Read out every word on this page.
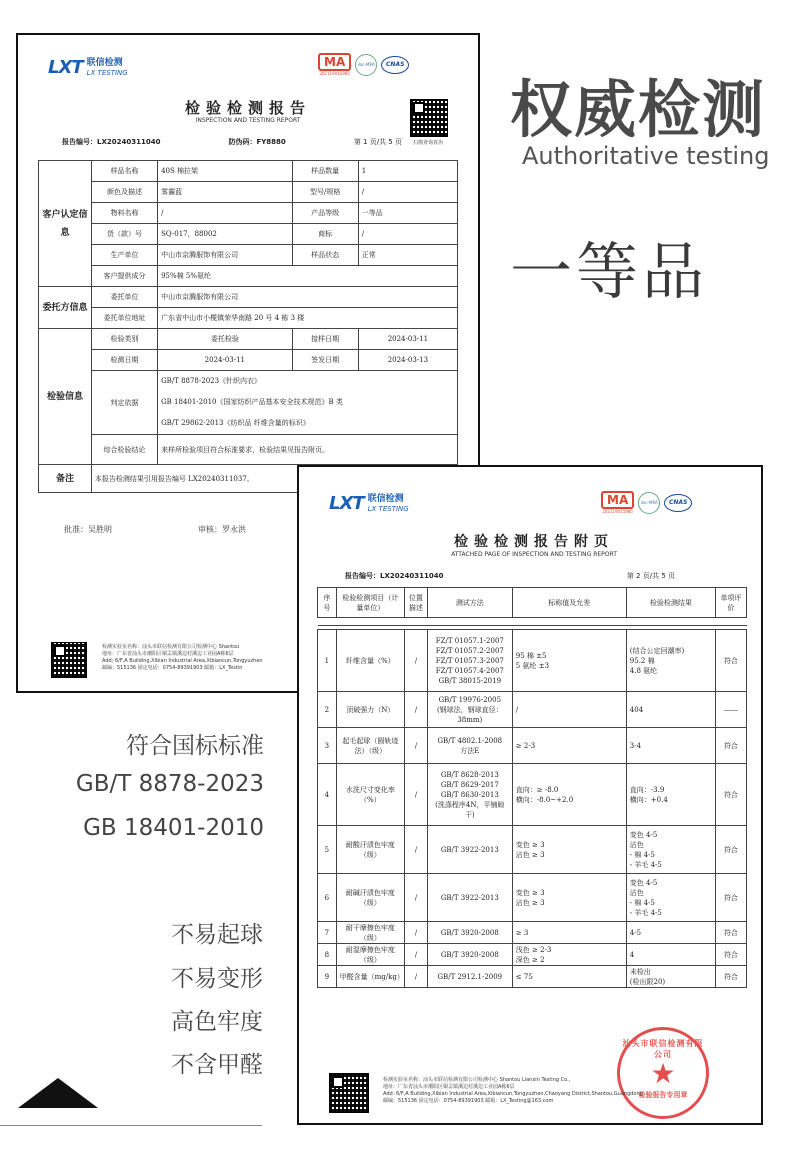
LXT 联信检测
LX TESTING
MA
202119015985
ilac-MRA	CNAS
检验检测报告
INSPECTION AND TESTING REPORT
扫描查询真伪
报告编号：LX20240311040	防伪码：FY8880	第 1 页/共 5 页
客户认定信息	样品名称	40S 棉拉架	样品数量	1
	颜色及描述	雾霾蓝	型号/规格	/
	物料名称	/	产品等级	一等品
	货（款）号	SQ-017，88002	商标	/
	生产单位	中山市京腾服饰有限公司	样品状态	正常
	客户提供成分	95%棉 5%氨纶		
委托方信息	委托单位	中山市京腾服饰有限公司		
	委托单位地址	广东省中山市小榄镇荣华南路 20 号 4 栋 3 楼		
检验信息	检验类别	委托检验	接样日期	2024-03-11
	检测日期	2024-03-11	签发日期	2024-03-13
	判定依据	GB/T 8878-2023《针织内衣》
GB 18401-2010《国家纺织产品基本安全技术规范》B 类
GB/T 29862-2013《纺织品 纤维含量的标识》		

	综合检验结论	来样所检验项目符合标准要求，检验结果见报告附页。		
备注	本报告检测结果引用报告编号 LX20240311037。			
批准：吴胜明	审核：罗永洪
检测实验室名称：汕头市联信检测有限公司检测中心 Shantou
地址：广东省汕头市潮阳区铜盂镇溪边村溪边工业园A栋6层
Add: 6/F,A Building,Xibian Industrial Area,Xibiancun,Tongyuzhen
邮编：515136 固定电话：0754-89391903 邮箱：LX_Testin
LXT 联信检测
LX TESTING
MA
202119015985
ilac-MRA	CNAS
检验检测报告附页
ATTACHED PAGE OF INSPECTION AND TESTING REPORT
报告编号：LX20240311040	第 2 页/共 5 页
序号	检验检测项目（计量单位）	位置描述	测试方法	标称值及允差	检验检测结果	单项评价

1	纤维含量（%）	/	FZ/T 01057.1-2007
FZ/T 01057.2-2007
FZ/T 01057.3-2007
FZ/T 01057.4-2007
GB/T 38015-2019	95 棉 ±5
5 氨纶 ±3	(结合公定回潮率)
95.2 棉
4.8 氨纶	符合
2	顶破强力（N）	/	GB/T 19976-2005
(钢球法，钢球直径：38mm)	/	404	——
3	起毛起球（圆轨迹法）（级）	/	GB/T 4802.1-2008
方法E	≥ 2-3	3-4	符合
4	水洗尺寸变化率（%）	/	GB/T 8628-2013
GB/T 8629-2017
GB/T 8630-2013
(洗涤程序4N，平铺晾干)	直向：≥ -8.0
横向：-8.0~+2.0	直向：-3.9
横向：+0.4	符合
5	耐酸汗渍色牢度（级）	/	GB/T 3922-2013	变色 ≥ 3
沾色 ≥ 3	变色 4-5
沾色
- 棉 4-5
- 羊毛 4-5	符合
6	耐碱汗渍色牢度（级）	/	GB/T 3922-2013	变色 ≥ 3
沾色 ≥ 3	变色 4-5
沾色
- 棉 4-5
- 羊毛 4-5	符合
7	耐干摩擦色牢度（级）	/	GB/T 3920-2008	≥ 3	4-5	符合
8	耐湿摩擦色牢度（级）	/	GB/T 3920-2008	浅色 ≥ 2-3
深色 ≥ 2	4	符合
9	甲醛含量（mg/kg）	/	GB/T 2912.1-2009	≤ 75	未检出
(检出限20)	符合
汕头市联信检测有限公司
★
检验报告专用章
检测实验室名称：汕头市联信检测有限公司检测中心 Shantou Lianxin Testing Co.,
地址：广东省汕头市潮阳区铜盂镇溪边村溪边工业园A栋6层
Add: 6/F,A Building,Xibian Industrial Area,Xibiancun,Tongyuzhen,Chaoyang District,Shantou,Guangdong
邮编：515136 固定电话：0754-89391903 邮箱：LX_Testing@163.com
权威检测
Authoritative testing
一等品
符合国标标准
GB/T 8878-2023
GB 18401-2010
不易起球
不易变形
高色牢度
不含甲醛
